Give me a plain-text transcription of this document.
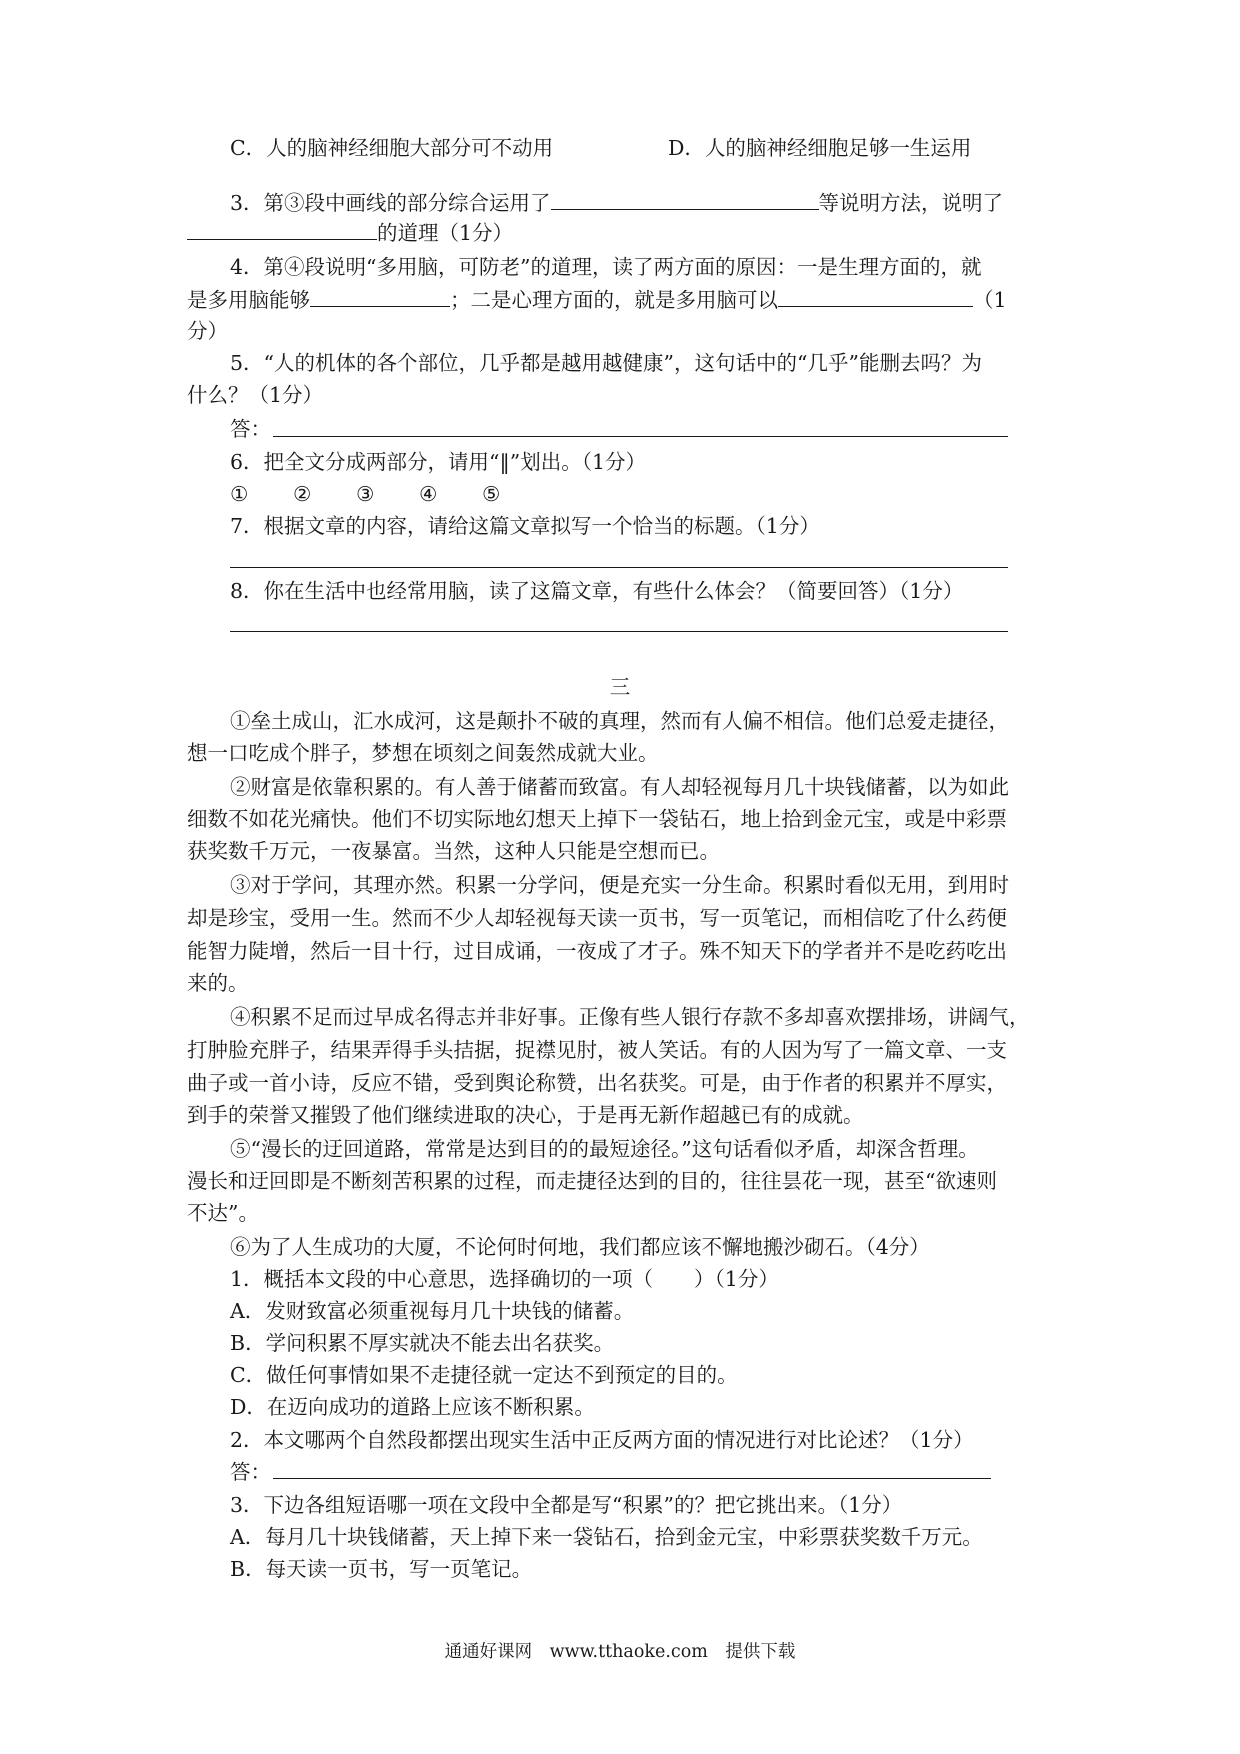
C．人的脑神经细胞大部分可不动用	D．人的脑神经细胞足够一生运用
3．第③段中画线的部分综合运用了	等说明方法，说明了
的道理（1分）
4．第④段说明“多用脑，可防老”的道理，读了两方面的原因：一是生理方面的，就
是多用脑能够	；二是心理方面的，就是多用脑可以	（1
分）
5．“人的机体的各个部位，几乎都是越用越健康”，这句话中的“几乎”能删去吗？为
什么？（1分）
答：
6．把全文分成两部分，请用“‖”划出。（1分）
① ② ③ ④ ⑤
7．根据文章的内容，请给这篇文章拟写一个恰当的标题。（1分）
8．你在生活中也经常用脑，读了这篇文章，有些什么体会？（简要回答）（1分）
三
①垒土成山，汇水成河，这是颠扑不破的真理，然而有人偏不相信。他们总爱走捷径，
想一口吃成个胖子，梦想在顷刻之间轰然成就大业。
②财富是依靠积累的。有人善于储蓄而致富。有人却轻视每月几十块钱储蓄，以为如此
细数不如花光痛快。他们不切实际地幻想天上掉下一袋钻石，地上拾到金元宝，或是中彩票
获奖数千万元，一夜暴富。当然，这种人只能是空想而已。
③对于学问，其理亦然。积累一分学问，便是充实一分生命。积累时看似无用，到用时
却是珍宝，受用一生。然而不少人却轻视每天读一页书，写一页笔记，而相信吃了什么药便
能智力陡增，然后一目十行，过目成诵，一夜成了才子。殊不知天下的学者并不是吃药吃出
来的。
④积累不足而过早成名得志并非好事。正像有些人银行存款不多却喜欢摆排场，讲阔气，
打肿脸充胖子，结果弄得手头拮据，捉襟见肘，被人笑话。有的人因为写了一篇文章、一支
曲子或一首小诗，反应不错，受到舆论称赞，出名获奖。可是，由于作者的积累并不厚实，
到手的荣誉又摧毁了他们继续进取的决心，于是再无新作超越已有的成就。
⑤“漫长的迂回道路，常常是达到目的的最短途径。”这句话看似矛盾，却深含哲理。
漫长和迂回即是不断刻苦积累的过程，而走捷径达到的目的，往往昙花一现，甚至“欲速则
不达”。
⑥为了人生成功的大厦，不论何时何地，我们都应该不懈地搬沙砌石。（4分）
1．概括本文段的中心意思，选择确切的一项（　　）（1分）
A．发财致富必须重视每月几十块钱的储蓄。
B．学问积累不厚实就决不能去出名获奖。
C．做任何事情如果不走捷径就一定达不到预定的目的。
D．在迈向成功的道路上应该不断积累。
2．本文哪两个自然段都摆出现实生活中正反两方面的情况进行对比论述？（1分）
答：
3．下边各组短语哪一项在文段中全都是写“积累”的？把它挑出来。（1分）
A．每月几十块钱储蓄，天上掉下来一袋钻石，拾到金元宝，中彩票获奖数千万元。
B．每天读一页书，写一页笔记。
通通好课网　www.tthaoke.com　提供下载
